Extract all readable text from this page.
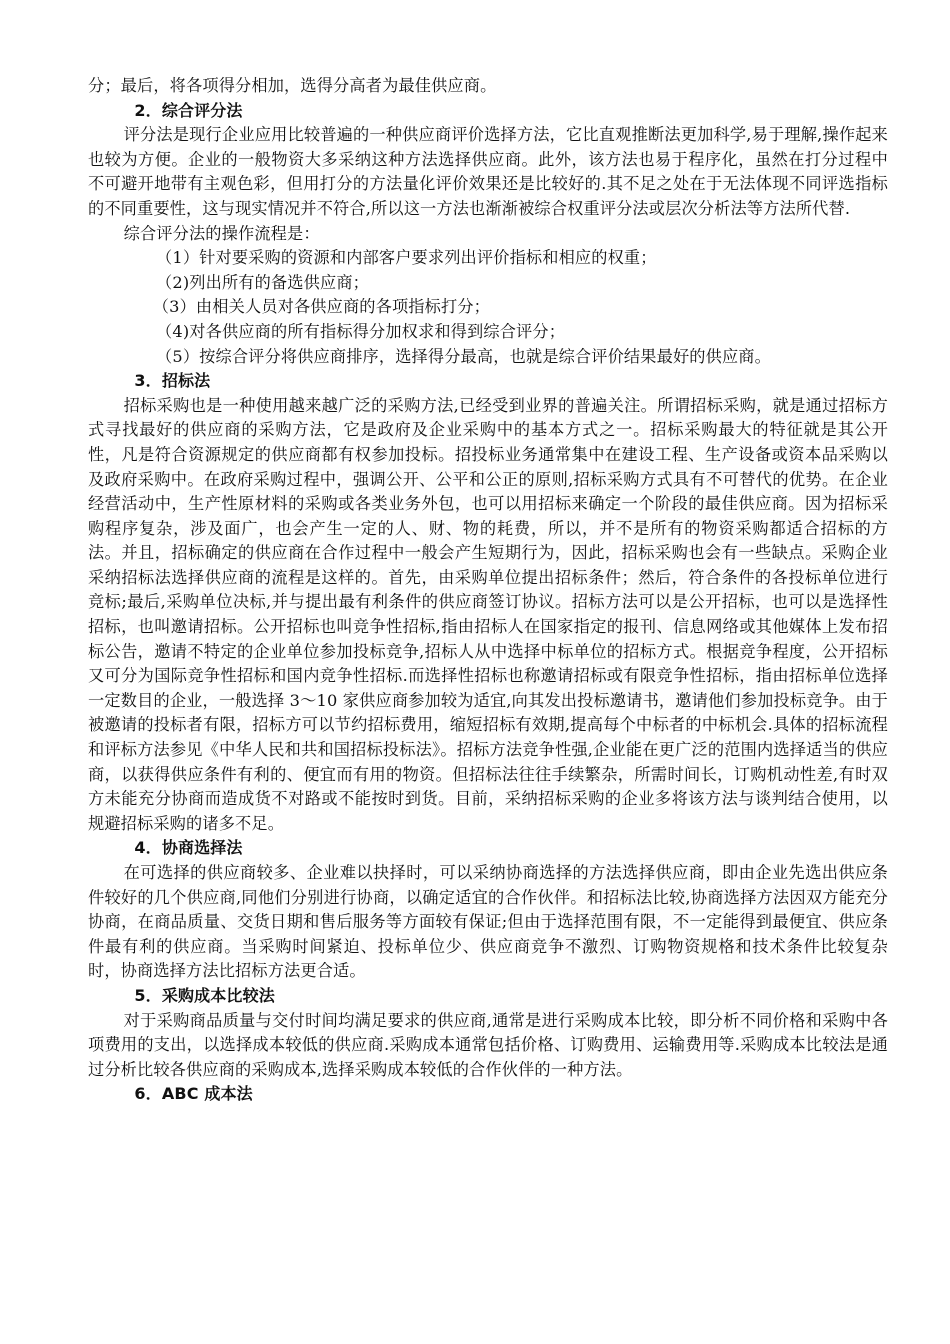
分；最后，将各项得分相加，选得分高者为最佳供应商。

2．综合评分法

评分法是现行企业应用比较普遍的一种供应商评价选择方法，它比直观推断法更加科学,易于理解,操作起来也较为方便。企业的一般物资大多采纳这种方法选择供应商。此外，该方法也易于程序化，虽然在打分过程中不可避开地带有主观色彩，但用打分的方法量化评价效果还是比较好的.其不足之处在于无法体现不同评选指标的不同重要性，这与现实情况并不符合,所以这一方法也渐渐被综合权重评分法或层次分析法等方法所代替.

综合评分法的操作流程是：

（1）针对要采购的资源和内部客户要求列出评价指标和相应的权重；

（2)列出所有的备选供应商；

（3）由相关人员对各供应商的各项指标打分；

（4)对各供应商的所有指标得分加权求和得到综合评分；

（5）按综合评分将供应商排序，选择得分最高，也就是综合评价结果最好的供应商。

3．招标法

招标采购也是一种使用越来越广泛的采购方法,已经受到业界的普遍关注。所谓招标采购，就是通过招标方式寻找最好的供应商的采购方法，它是政府及企业采购中的基本方式之一。招标采购最大的特征就是其公开性，凡是符合资源规定的供应商都有权参加投标。招投标业务通常集中在建设工程、生产设备或资本品采购以及政府采购中。在政府采购过程中，强调公开、公平和公正的原则,招标采购方式具有不可替代的优势。在企业经营活动中，生产性原材料的采购或各类业务外包，也可以用招标来确定一个阶段的最佳供应商。因为招标采购程序复杂，涉及面广，也会产生一定的人、财、物的耗费，所以，并不是所有的物资采购都适合招标的方法。并且，招标确定的供应商在合作过程中一般会产生短期行为，因此，招标采购也会有一些缺点。采购企业采纳招标法选择供应商的流程是这样的。首先，由采购单位提出招标条件；然后，符合条件的各投标单位进行竞标;最后,采购单位决标,并与提出最有利条件的供应商签订协议。招标方法可以是公开招标，也可以是选择性招标，也叫邀请招标。公开招标也叫竞争性招标,指由招标人在国家指定的报刊、信息网络或其他媒体上发布招标公告，邀请不特定的企业单位参加投标竞争,招标人从中选择中标单位的招标方式。根据竞争程度，公开招标又可分为国际竞争性招标和国内竞争性招标.而选择性招标也称邀请招标或有限竞争性招标，指由招标单位选择一定数目的企业，一般选择 3～10 家供应商参加较为适宜,向其发出投标邀请书，邀请他们参加投标竞争。由于被邀请的投标者有限，招标方可以节约招标费用，缩短招标有效期,提高每个中标者的中标机会.具体的招标流程和评标方法参见《中华人民和共和国招标投标法》。招标方法竞争性强,企业能在更广泛的范围内选择适当的供应商，以获得供应条件有利的、便宜而有用的物资。但招标法往往手续繁杂，所需时间长，订购机动性差,有时双方未能充分协商而造成货不对路或不能按时到货。目前，采纳招标采购的企业多将该方法与谈判结合使用，以规避招标采购的诸多不足。

4．协商选择法

在可选择的供应商较多、企业难以抉择时，可以采纳协商选择的方法选择供应商，即由企业先选出供应条件较好的几个供应商,同他们分别进行协商，以确定适宜的合作伙伴。和招标法比较,协商选择方法因双方能充分协商，在商品质量、交货日期和售后服务等方面较有保证;但由于选择范围有限，不一定能得到最便宜、供应条件最有利的供应商。当采购时间紧迫、投标单位少、供应商竞争不激烈、订购物资规格和技术条件比较复杂时，协商选择方法比招标方法更合适。

5．采购成本比较法

对于采购商品质量与交付时间均满足要求的供应商,通常是进行采购成本比较，即分析不同价格和采购中各项费用的支出，以选择成本较低的供应商.采购成本通常包括价格、订购费用、运输费用等.采购成本比较法是通过分析比较各供应商的采购成本,选择采购成本较低的合作伙伴的一种方法。

6．ABC 成本法
